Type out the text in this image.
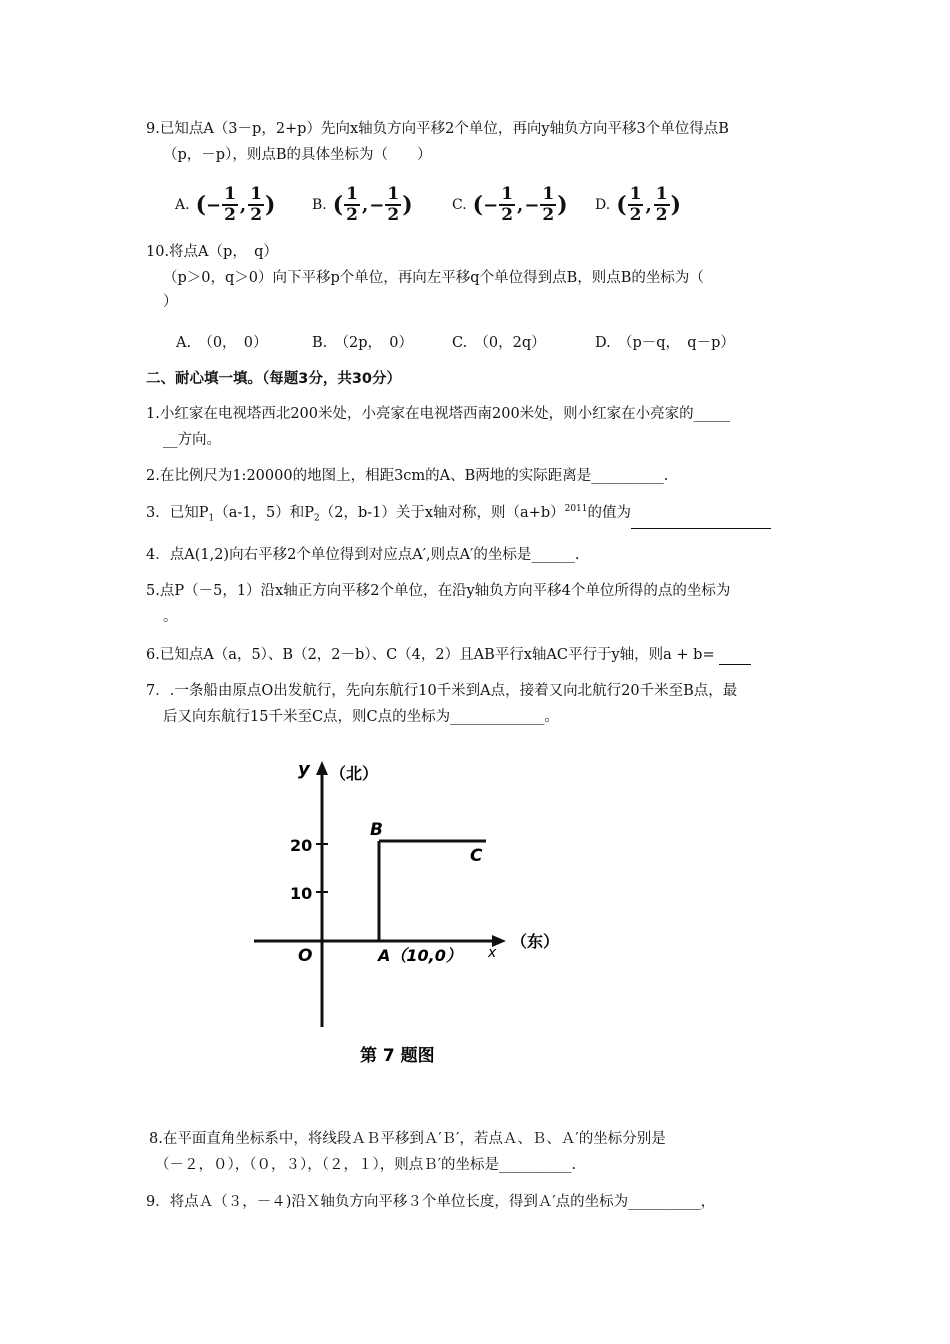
9.已知点A（3－p，2+p）先向x轴负方向平移2个单位，再向y轴负方向平移3个单位得点B
（p，－p），则点B的具体坐标为（　　）
A. ( − $\frac{1}{2}$ , $\frac{1}{2}$ )	B. ( $\frac{1}{2}$ , − $\frac{1}{2}$ )	C. ( − $\frac{1}{2}$ , − $\frac{1}{2}$ ) D. ( $\frac{1}{2}$ , $\frac{1}{2}$ )
10.将点A（p，　q）
（p＞0，q＞0）向下平移p个单位，再向左平移q个单位得到点B，则点B的坐标为（
）
A.　（0，　0）	B.　（2p，　0）	C.　（0，2q）	D.　（p－q，　q－p）
二、耐心填一填。（每题3分，共30分）
1.小红家在电视塔西北200米处，小亮家在电视塔西南200米处，则小红家在小亮家的_____
__方向。
2.在比例尺为1:20000的地图上，相距3cm的A、B两地的实际距离是__________.
3．已知$P_1(a-1$，5）和$P_2(2$，b-1）关于x轴对称，则$(a+b)^{2011}$的值为
4．点A(1,2)向右平移2个单位得到对应点A′,则点A′的坐标是______.
5.点P（－5，1）沿x轴正方向平移2个单位，在沿y轴负方向平移4个单位所得的点的坐标为
。
6.已知点A（a，5）、B（2，2－b）、C（4，2）且AB平行x轴AC平行于y轴，则a + b=
7．.一条船由原点O出发航行，先向东航行10千米到A点，接着又向北航行20千米至B点，最
后又向东航行15千米至C点，则C点的坐标为_____________。
y （北）
（东）
x
O
20
10
B
C
A（10,0）
第 7 题图
8.在平面直角坐标系中，将线段ＡＢ平移到Ａ′Ｂ′，若点Ａ、Ｂ、Ａ′的坐标分别是
（－２，０），（０，３），（２，１），则点Ｂ′的坐标是__________.
9．将点Ａ（３，－４)沿Ｘ轴负方向平移３个单位长度，得到Ａ′点的坐标为__________，
